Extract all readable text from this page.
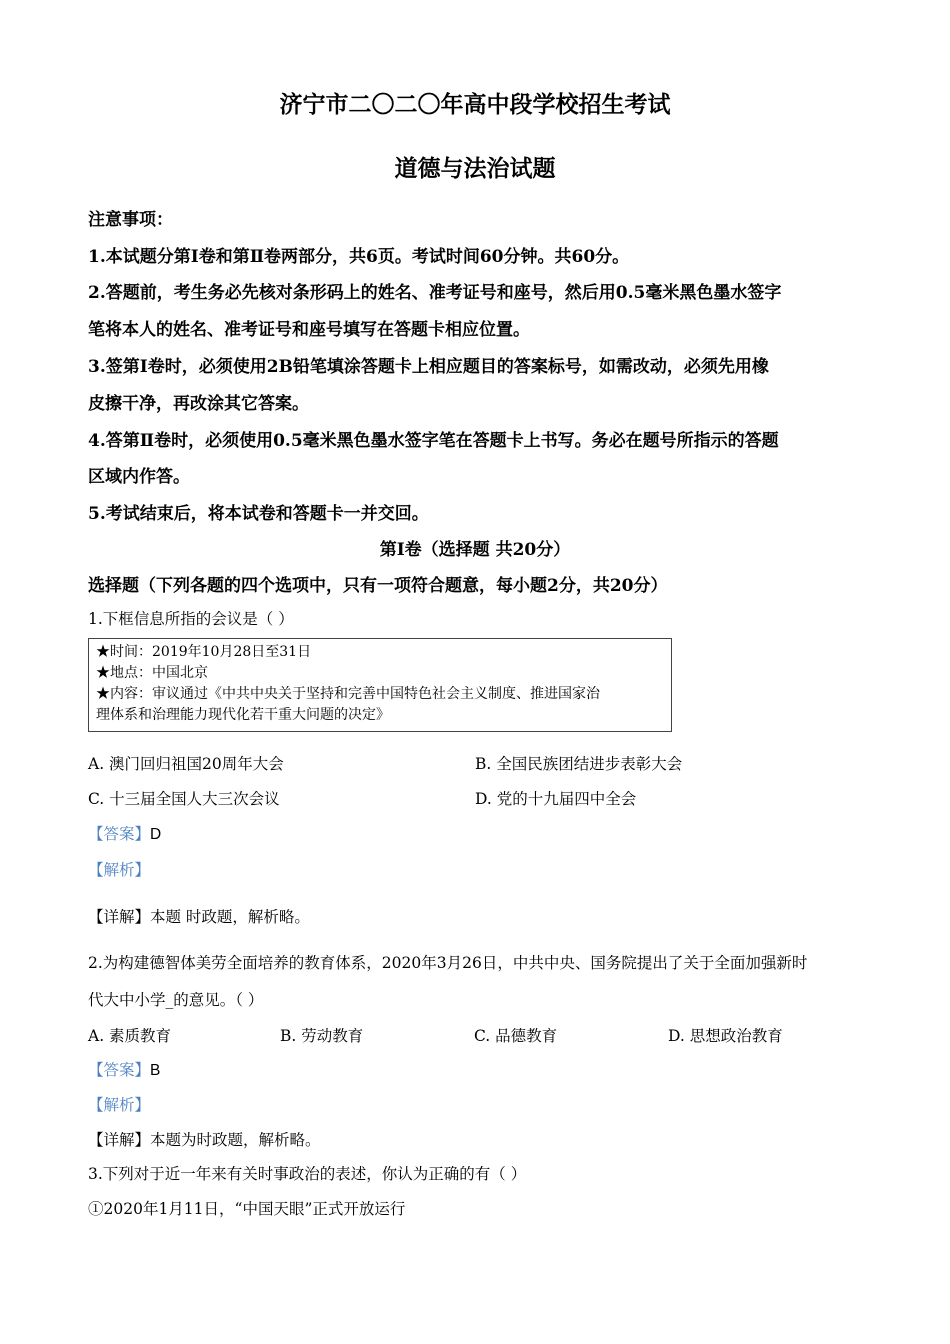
济宁市二〇二〇年高中段学校招生考试
道德与法治试题
注意事项：
1.本试题分第Ⅰ卷和第Ⅱ卷两部分，共6页。考试时间60分钟。共60分。
2.答题前，考生务必先核对条形码上的姓名、准考证号和座号，然后用0.5毫米黑色墨水签字
笔将本人的姓名、准考证号和座号填写在答题卡相应位置。
3.签第Ⅰ卷时，必须使用2B铅笔填涂答题卡上相应题目的答案标号，如需改动，必须先用橡
皮擦干净，再改涂其它答案。
4.答第Ⅱ卷时，必须使用0.5毫米黑色墨水签字笔在答题卡上书写。务必在题号所指示的答题
区域内作答。
5.考试结束后，将本试卷和答题卡一并交回。
第Ⅰ卷（选择题 共20分）
选择题（下列各题的四个选项中，只有一项符合题意，每小题2分，共20分）
1.下框信息所指的会议是（ ）
★时间：2019年10月28日至31日
★地点：中国北京
★内容：审议通过《中共中央关于坚持和完善中国特色社会主义制度、推进国家治
理体系和治理能力现代化若干重大问题的决定》
A. 澳门回归祖国20周年大会	B. 全国民族团结进步表彰大会
C. 十三届全国人大三次会议	D. 党的十九届四中全会
【答案】D
【解析】
【详解】本题 时政题，解析略。
2.为构建德智体美劳全面培养的教育体系，2020年3月26日，中共中央、国务院提出了关于全面加强新时
代大中小学_的意见。（ ）
A. 素质教育	B. 劳动教育	C. 品德教育	D. 思想政治教育
【答案】B
【解析】
【详解】本题为时政题，解析略。
3.下列对于近一年来有关时事政治的表述，你认为正确的有（ ）
①2020年1月11日，“中国天眼”正式开放运行
